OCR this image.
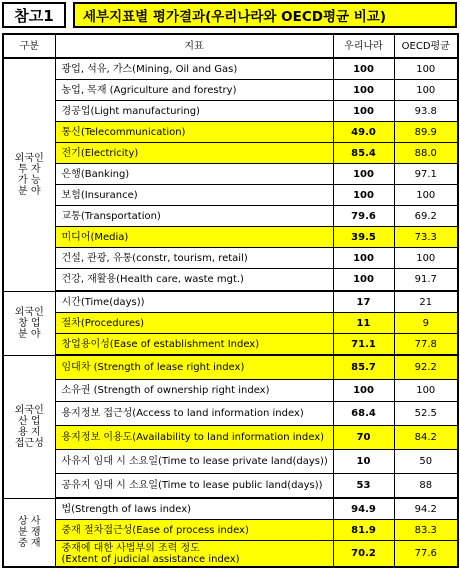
참고1	세부지표별 평가결과(우리나라와 OECD평균 비교)
구분	지표	우리나라	OECD평균

외국인
투 자
가 능
분 야	광업, 석유, 가스(Mining, Oil and Gas)	100	100
	농업, 목재 (Agriculture and forestry)	100	100
	경공업(Light manufacturing)	100	93.8
	통신(Telecommunication)	49.0	89.9
	전기(Electricity)	85.4	88.0
	은행(Banking)	100	97.1
	보험(Insurance)	100	100
	교통(Transportation)	79.6	69.2
	미디어(Media)	39.5	73.3
	건설, 관광, 유통(constr, tourism, retail)	100	100
	건강, 재활용(Health care, waste mgt.)	100	91.7

외국인
창 업
분 야	시간(Time(days))	17	21
	절차(Procedures)	11	9
	창업용이성(Ease of establishment Index)	71.1	77.8

외국인
산 업
용 지
접근성	임대차 (Strength of lease right index)	85.7	92.2
	소유권 (Strength of ownership right index)	100	100
	용지정보 접근성(Access to land information index)	68.4	52.5
	용지정보 이용도(Availability to land information index)	70	84.2
	사유지 임대 시 소요일(Time to lease private land(days))	10	50
	공유지 임대 시 소요일(Time to lease public land(days))	53	88

상 사
분 쟁
중 재	법(Strength of laws index)	94.9	94.2
	중재 절차접근성(Ease of process index)	81.9	83.3
	중재에 대한 사법부의 조력 정도
(Extent of judicial assistance index)	70.2	77.6
